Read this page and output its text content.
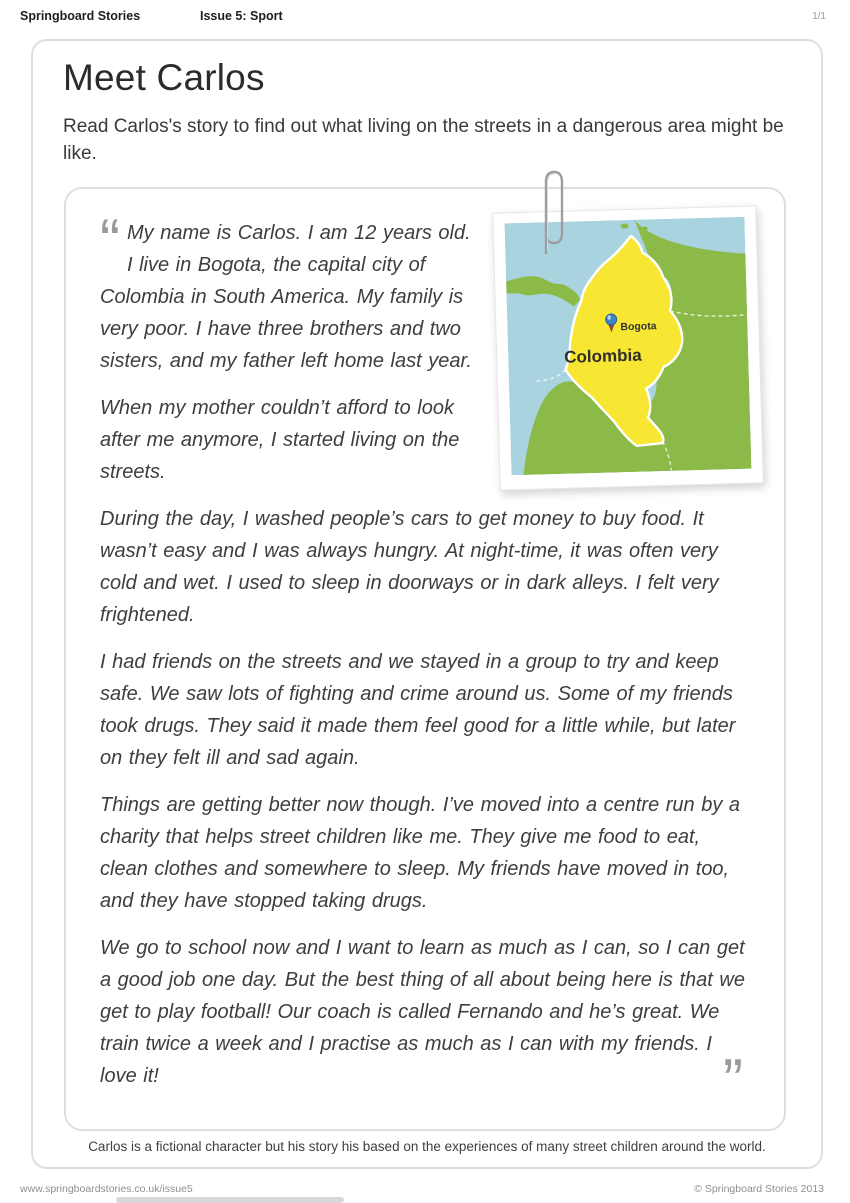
Springboard Stories	Issue 5: Sport	1/1
Meet Carlos

Read Carlos's story to find out what living on the streets in a dangerous area might be like.

Bogota
Colombia

“ My name is Carlos. I am 12 years old. I live in Bogota, the capital city of Colombia in South America. My family is very poor. I have three brothers and two sisters, and my father left home last year.

When my mother couldn’t afford to look after me anymore, I started living on the streets.

During the day, I washed people’s cars to get money to buy food. It wasn’t easy and I was always hungry. At night-time, it was often very cold and wet. I used to sleep in doorways or in dark alleys. I felt very frightened.

I had friends on the streets and we stayed in a group to try and keep safe. We saw lots of fighting and crime around us. Some of my friends took drugs. They said it made them feel good for a little while, but later on they felt ill and sad again.

Things are getting better now though. I’ve moved into a centre run by a charity that helps street children like me. They give me food to eat, clean clothes and somewhere to sleep. My friends have moved in too, and they have stopped taking drugs.

We go to school now and I want to learn as much as I can, so I can get a good job one day. But the best thing of all about being here is that we get to play football! Our coach is called Fernando and he’s great. We train twice a week and I practise as much as I can with my friends. I love it!	”

Carlos is a fictional character but his story his based on the experiences of many street children around the world.

www.springboardstories.co.uk/issue5	© Springboard Stories 2013
